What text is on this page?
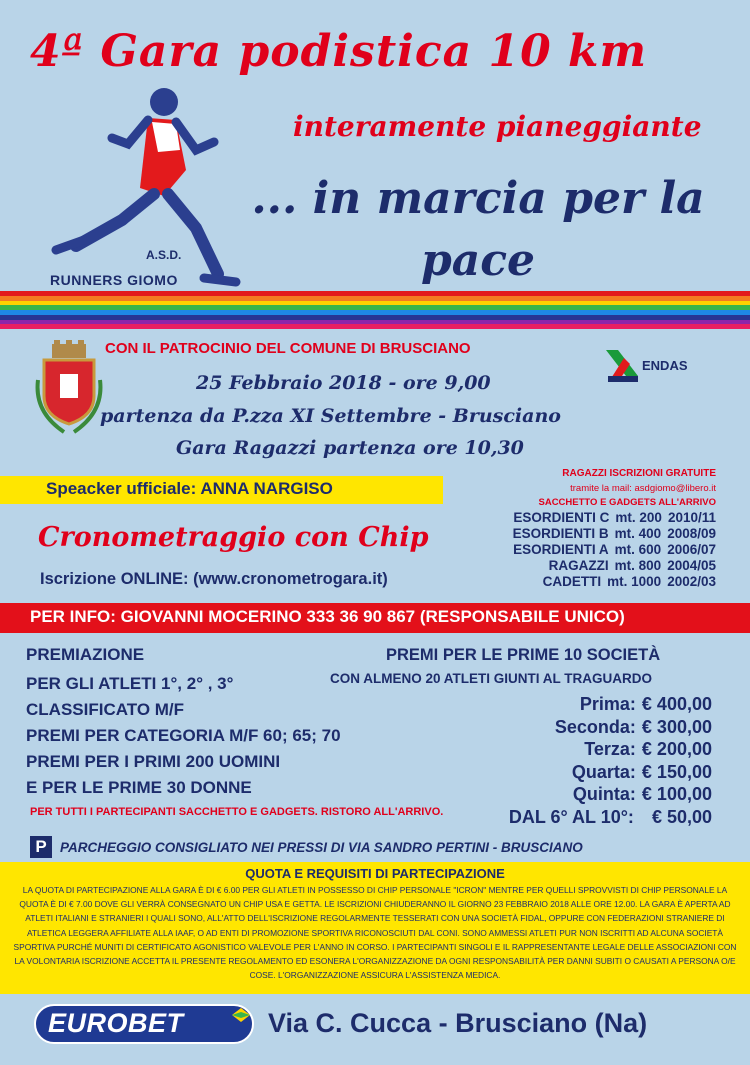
4ª Gara podistica 10 km
interamente pianeggiante
... in marcia per la pace
A.S.D.
RUNNERS GIOMO
CON IL PATROCINIO DEL COMUNE DI BRUSCIANO
ENDAS
25 Febbraio 2018 - ore 9,00
partenza da P.zza XI Settembre - Brusciano
Gara Ragazzi partenza ore 10,30
Speacker ufficiale: ANNA NARGISO
RAGAZZI ISCRIZIONI GRATUITE
tramite la mail: asdgiomo@libero.it
SACCHETTO E GADGETS ALL'ARRIVO
ESORDIENTI C mt. 200 2010/11
ESORDIENTI B mt. 400 2008/09
ESORDIENTI A mt. 600 2006/07
RAGAZZI mt. 800 2004/05
CADETTI mt. 1000 2002/03
Cronometraggio con Chip
Iscrizione ONLINE: (www.cronometrogara.it)
PER INFO: GIOVANNI MOCERINO 333 36 90 867 (RESPONSABILE UNICO)
PREMIAZIONE
PER GLI ATLETI 1°, 2° , 3°
CLASSIFICATO M/F
PREMI PER CATEGORIA M/F 60; 65; 70
PREMI PER I PRIMI 200 UOMINI
E PER LE PRIME 30 DONNE
PER TUTTI I PARTECIPANTI SACCHETTO E GADGETS. RISTORO ALL'ARRIVO.
PREMI PER LE PRIME 10 SOCIETÀ
CON ALMENO 20 ATLETI GIUNTI AL TRAGUARDO
Prima: € 400,00
Seconda: € 300,00
Terza: € 200,00
Quarta: € 150,00
Quinta: € 100,00
DAL 6° AL 10°: € 50,00
P PARCHEGGIO CONSIGLIATO NEI PRESSI DI VIA SANDRO PERTINI - BRUSCIANO
QUOTA E REQUISITI DI PARTECIPAZIONE
LA QUOTA DI PARTECIPAZIONE ALLA GARA È DI € 6.00 PER GLI ATLETI IN POSSESSO DI CHIP PERSONALE "ICRON" MENTRE PER QUELLI SPROVVISTI DI CHIP PERSONALE LA QUOTA È DI € 7.00 DOVE GLI VERRÀ CONSEGNATO UN CHIP USA E GETTA. LE ISCRIZIONI CHIUDERANNO IL GIORNO 23 FEBBRAIO 2018 ALLE ORE 12.00. LA GARA È APERTA AD ATLETI ITALIANI E STRANIERI I QUALI SONO, ALL'ATTO DELL'ISCRIZIONE REGOLARMENTE TESSERATI CON UNA SOCIETÀ FIDAL, OPPURE CON FEDERAZIONI STRANIERE DI ATLETICA LEGGERA AFFILIATE ALLA IAAF, O AD ENTI DI PROMOZIONE SPORTIVA RICONOSCIUTI DAL CONI. SONO AMMESSI ATLETI PUR NON ISCRITTI AD ALCUNA SOCIETÀ SPORTIVA PURCHÉ MUNITI DI CERTIFICATO AGONISTICO VALEVOLE PER L'ANNO IN CORSO. I PARTECIPANTI SINGOLI E IL RAPPRESENTANTE LEGALE DELLE ASSOCIAZIONI CON LA VOLONTARIA ISCRIZIONE ACCETTA IL PRESENTE REGOLAMENTO ED ESONERA L'ORGANIZZAZIONE DA OGNI RESPONSABILITÀ PER DANNI SUBITI O CAUSATI A PERSONA O/E COSE. L'ORGANIZZAZIONE ASSICURA L'ASSISTENZA MEDICA.
EUROBET	Via C. Cucca - Brusciano (Na)
